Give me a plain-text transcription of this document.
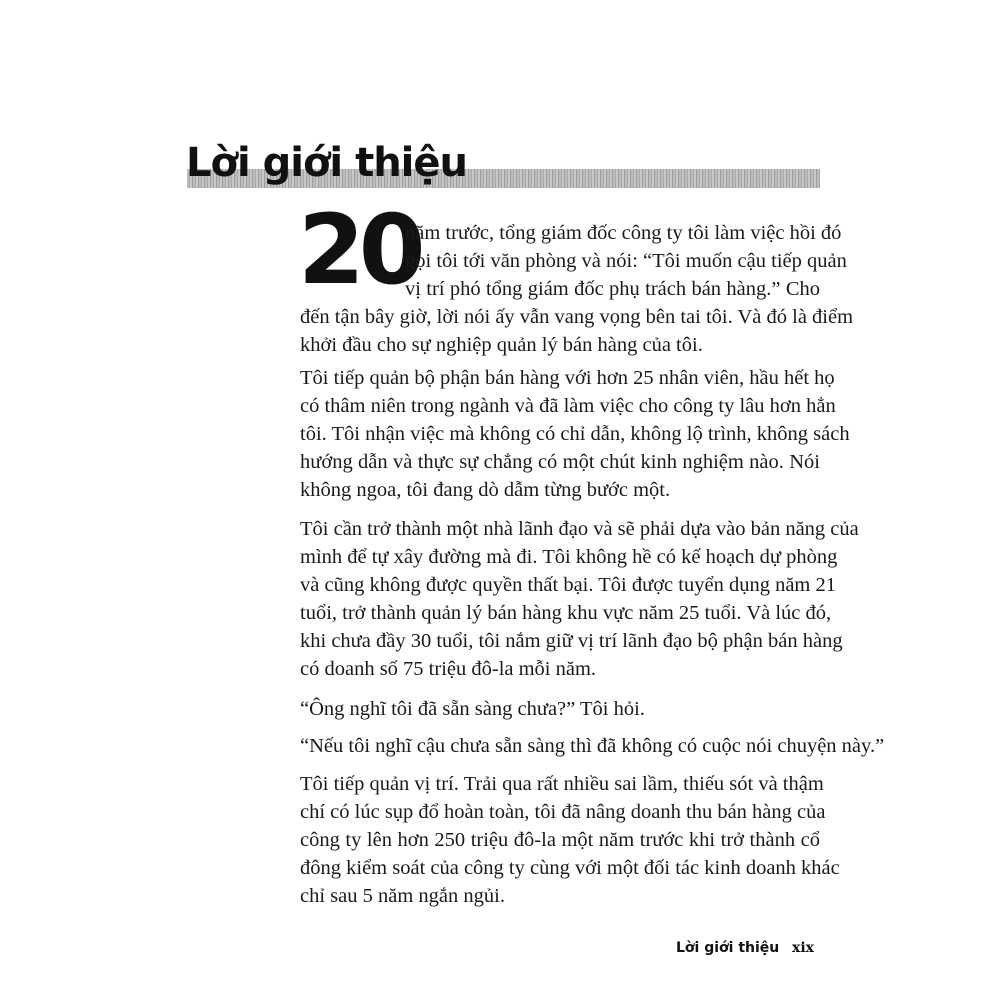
Lời giới thiệu
20
năm trước, tổng giám đốc công ty tôi làm việc hồi đó
gọi tôi tới văn phòng và nói: “Tôi muốn cậu tiếp quản
vị trí phó tổng giám đốc phụ trách bán hàng.” Cho
đến tận bây giờ, lời nói ấy vẫn vang vọng bên tai tôi. Và đó là điểm
khởi đầu cho sự nghiệp quản lý bán hàng của tôi.
Tôi tiếp quản bộ phận bán hàng với hơn 25 nhân viên, hầu hết họ
có thâm niên trong ngành và đã làm việc cho công ty lâu hơn hẳn
tôi. Tôi nhận việc mà không có chỉ dẫn, không lộ trình, không sách
hướng dẫn và thực sự chẳng có một chút kinh nghiệm nào. Nói
không ngoa, tôi đang dò dẫm từng bước một.
Tôi cần trở thành một nhà lãnh đạo và sẽ phải dựa vào bản năng của
mình để tự xây đường mà đi. Tôi không hề có kế hoạch dự phòng
và cũng không được quyền thất bại. Tôi được tuyển dụng năm 21
tuổi, trở thành quản lý bán hàng khu vực năm 25 tuổi. Và lúc đó,
khi chưa đầy 30 tuổi, tôi nắm giữ vị trí lãnh đạo bộ phận bán hàng
có doanh số 75 triệu đô-la mỗi năm.
“Ông nghĩ tôi đã sẵn sàng chưa?” Tôi hỏi.
“Nếu tôi nghĩ cậu chưa sẵn sàng thì đã không có cuộc nói chuyện này.”
Tôi tiếp quản vị trí. Trải qua rất nhiều sai lầm, thiếu sót và thậm
chí có lúc sụp đổ hoàn toàn, tôi đã nâng doanh thu bán hàng của
công ty lên hơn 250 triệu đô-la một năm trước khi trở thành cổ
đông kiểm soát của công ty cùng với một đối tác kinh doanh khác
chỉ sau 5 năm ngắn ngủi.
Lời giới thiệu xix
